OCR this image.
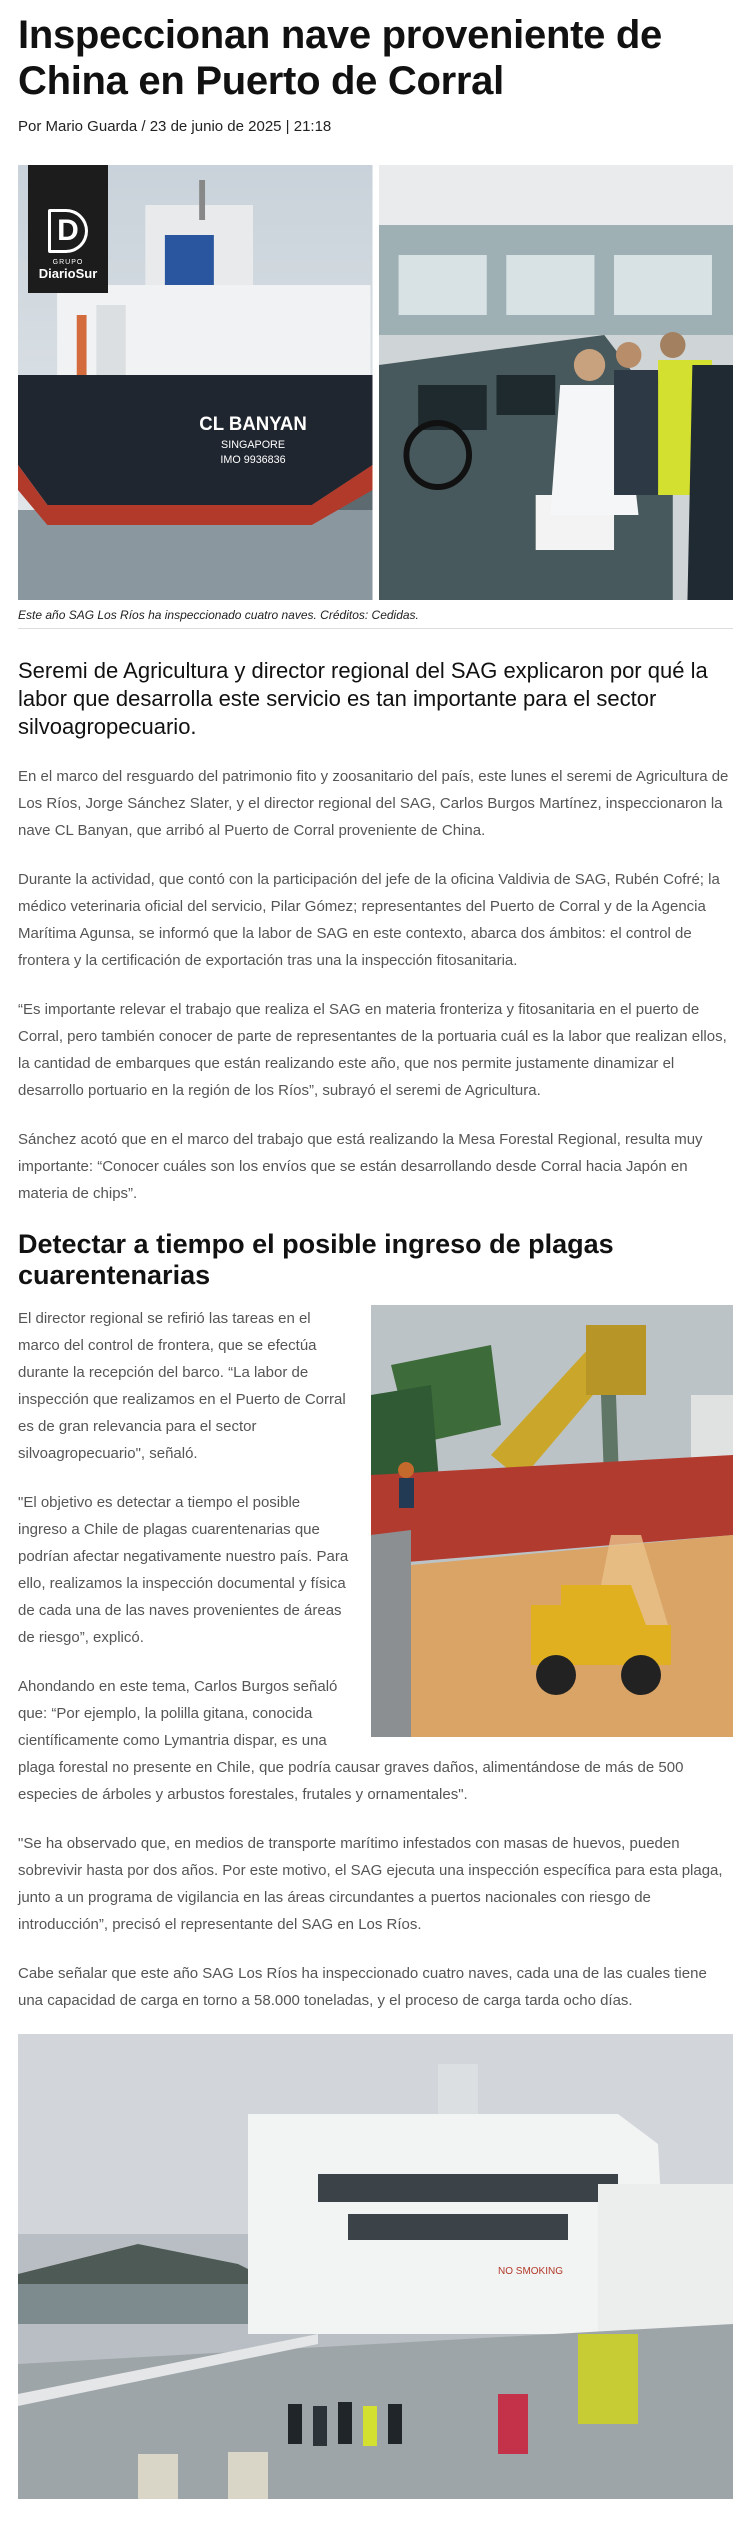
Inspeccionan nave proveniente de China en Puerto de Corral
Por Mario Guarda / 23 de junio de 2025 | 21:18
CL BANYAN
SINGAPORE
IMO 9936836
D
GRUPO
DiarioSur
Este año SAG Los Ríos ha inspeccionado cuatro naves. Créditos: Cedidas.

Seremi de Agricultura y director regional del SAG explicaron por qué la labor que desarrolla este servicio es tan importante para el sector silvoagropecuario.

En el marco del resguardo del patrimonio fito y zoosanitario del país, este lunes el seremi de Agricultura de Los Ríos, Jorge Sánchez Slater, y el director regional del SAG, Carlos Burgos Martínez, inspeccionaron la nave CL Banyan, que arribó al Puerto de Corral proveniente de China.

Durante la actividad, que contó con la participación del jefe de la oficina Valdivia de SAG, Rubén Cofré; la médico veterinaria oficial del servicio, Pilar Gómez; representantes del Puerto de Corral y de la Agencia Marítima Agunsa, se informó que la labor de SAG en este contexto, abarca dos ámbitos: el control de frontera y la certificación de exportación tras una la inspección fitosanitaria.

“Es importante relevar el trabajo que realiza el SAG en materia fronteriza y fitosanitaria en el puerto de Corral, pero también conocer de parte de representantes de la portuaria cuál es la labor que realizan ellos, la cantidad de embarques que están realizando este año, que nos permite justamente dinamizar el desarrollo portuario en la región de los Ríos”, subrayó el seremi de Agricultura.

Sánchez acotó que en el marco del trabajo que está realizando la Mesa Forestal Regional, resulta muy importante: “Conocer cuáles son los envíos que se están desarrollando desde Corral hacia Japón en materia de chips”.

Detectar a tiempo el posible ingreso de plagas cuarentenarias

El director regional se refirió las tareas en el marco del control de frontera, que se efectúa durante la recepción del barco. “La labor de inspección que realizamos en el Puerto de Corral es de gran relevancia para el sector silvoagropecuario", señaló.

"El objetivo es detectar a tiempo el posible ingreso a Chile de plagas cuarentenarias que podrían afectar negativamente nuestro país. Para ello, realizamos la inspección documental y física de cada una de las naves provenientes de áreas de riesgo”, explicó.

Ahondando en este tema, Carlos Burgos señaló que: “Por ejemplo, la polilla gitana, conocida científicamente como Lymantria dispar, es una plaga forestal no presente en Chile, que podría causar graves daños, alimentándose de más de 500 especies de árboles y arbustos forestales, frutales y ornamentales".

"Se ha observado que, en medios de transporte marítimo infestados con masas de huevos, pueden sobrevivir hasta por dos años. Por este motivo, el SAG ejecuta una inspección específica para esta plaga, junto a un programa de vigilancia en las áreas circundantes a puertos nacionales con riesgo de introducción”, precisó el representante del SAG en Los Ríos.

Cabe señalar que este año SAG Los Ríos ha inspeccionado cuatro naves, cada una de las cuales tiene una capacidad de carga en torno a 58.000 toneladas, y el proceso de carga tarda ocho días.

NO SMOKING
